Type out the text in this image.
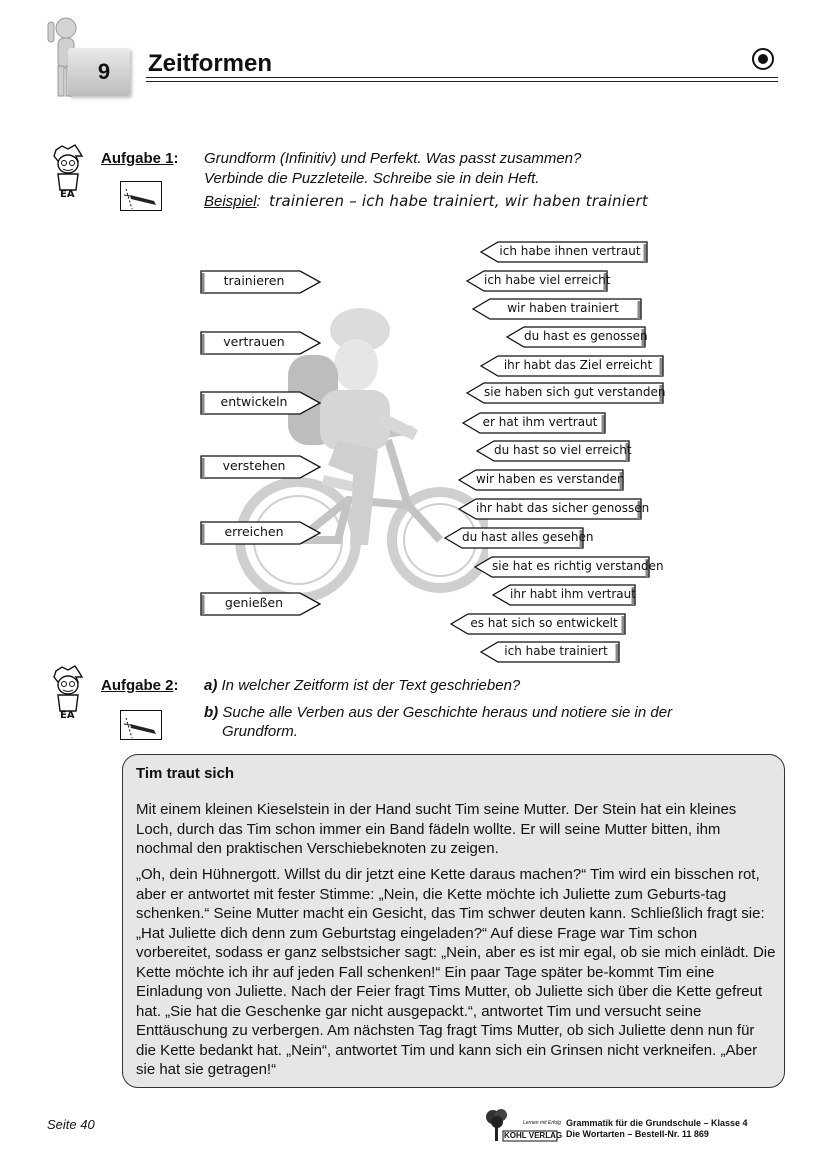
9	Zeitformen
EA
Aufgabe 1: Grundform (Infinitiv) und Perfekt. Was passt zusammen?
Verbinde die Puzzleteile. Schreibe sie in dein Heft.
Beispiel:  trainieren – ich habe trainiert, wir haben trainiert
trainieren
vertrauen
entwickeln
verstehen
erreichen
genießen
ich habe ihnen vertraut
ich habe viel erreicht
wir haben trainiert
du hast es genossen
ihr habt das Ziel erreicht
sie haben sich gut verstanden
er hat ihm vertraut
du hast so viel erreicht
wir haben es verstanden
ihr habt das sicher genossen
du hast alles gesehen
sie hat es richtig verstanden
ihr habt ihm vertraut
es hat sich so entwickelt
ich habe trainiert
EA
Aufgabe 2: a) In welcher Zeitform ist der Text geschrieben?
b) Suche alle Verben aus der Geschichte heraus und notiere sie in der
Grundform.
Tim traut sich
Mit einem kleinen Kieselstein in der Hand sucht Tim seine Mutter. Der Stein hat ein kleines Loch, durch das Tim schon immer ein Band fädeln wollte. Er will seine Mutter bitten, ihm nochmal den praktischen Verschiebeknoten zu zeigen.
„Oh, dein Hühnergott. Willst du dir jetzt eine Kette daraus machen?“ Tim wird ein bisschen rot, aber er antwortet mit fester Stimme: „Nein, die Kette möchte ich Juliette zum Geburts-tag schenken.“ Seine Mutter macht ein Gesicht, das Tim schwer deuten kann. Schließlich fragt sie: „Hat Juliette dich denn zum Geburtstag eingeladen?“ Auf diese Frage war Tim schon vorbereitet, sodass er ganz selbstsicher sagt: „Nein, aber es ist mir egal, ob sie mich einlädt. Die Kette möchte ich ihr auf jeden Fall schenken!“ Ein paar Tage später be-kommt Tim eine Einladung von Juliette. Nach der Feier fragt Tims Mutter, ob Juliette sich über die Kette gefreut hat. „Sie hat die Geschenke gar nicht ausgepackt.“, antwortet Tim und versucht seine Enttäuschung zu verbergen. Am nächsten Tag fragt Tims Mutter, ob sich Juliette denn nun für die Kette bedankt hat. „Nein“, antwortet Tim und kann sich ein Grinsen nicht verkneifen. „Aber sie hat sie getragen!“
Seite 40	Lernen mit Erfolg
KOHL VERLAG
Grammatik für die Grundschule – Klasse 4
Die Wortarten – Bestell-Nr. 11 869
